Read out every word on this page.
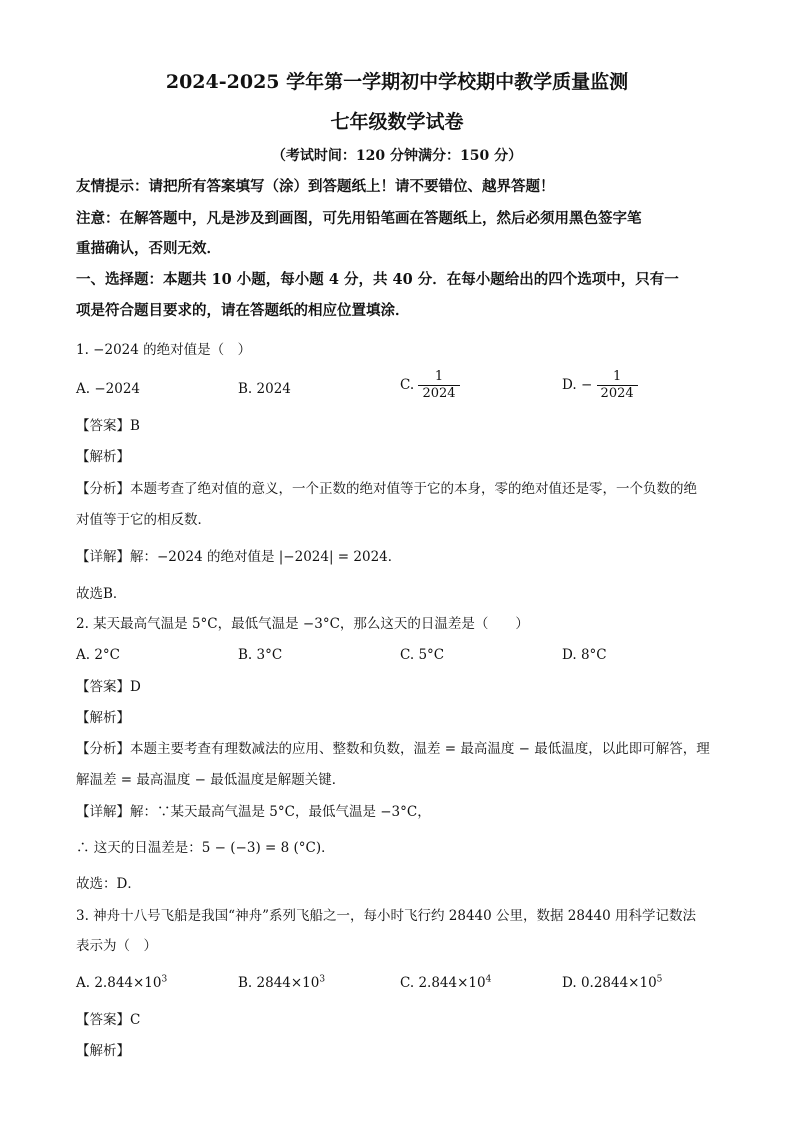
2024-2025 学年第一学期初中学校期中教学质量监测
七年级数学试卷
（考试时间：120 分钟满分：150 分）
友情提示：请把所有答案填写（涂）到答题纸上！请不要错位、越界答题！
注意：在解答题中，凡是涉及到画图，可先用铅笔画在答题纸上，然后必须用黑色签字笔
重描确认，否则无效．
一、选择题：本题共 10 小题，每小题 4 分，共 40 分．在每小题给出的四个选项中，只有一
项是符合题目要求的，请在答题纸的相应位置填涂．
1. −2024 的绝对值是（　）
A. −2024	B. 2024	C. $\frac{1}{2024}$	D. − $\frac{1}{2024}$
【答案】B
【解析】
【分析】本题考查了绝对值的意义，一个正数的绝对值等于它的本身，零的绝对值还是零，一个负数的绝
对值等于它的相反数．
【详解】解：−2024 的绝对值是 |−2024| = 2024．
故选B．
2. 某天最高气温是 5°C，最低气温是 −3°C，那么这天的日温差是（　　）
A. 2°C	B. 3°C	C. 5°C	D. 8°C
【答案】D
【解析】
【分析】本题主要考查有理数减法的应用、整数和负数，温差 = 最高温度 − 最低温度，以此即可解答，理
解温差 = 最高温度 − 最低温度是解题关键．
【详解】解：∵某天最高气温是 5°C，最低气温是 −3°C，
∴ 这天的日温差是：5 − (−3) = 8 (°C)．
故选：D．
3. 神舟十八号飞船是我国“神舟”系列飞船之一，每小时飞行约 28440 公里，数据 28440 用科学记数法
表示为（　）
A. $2.844\times 10^3$	B. $2844\times 10^3$	C. $2.844\times 10^4$	D. $0.2844\times 10^5$
【答案】C
【解析】
